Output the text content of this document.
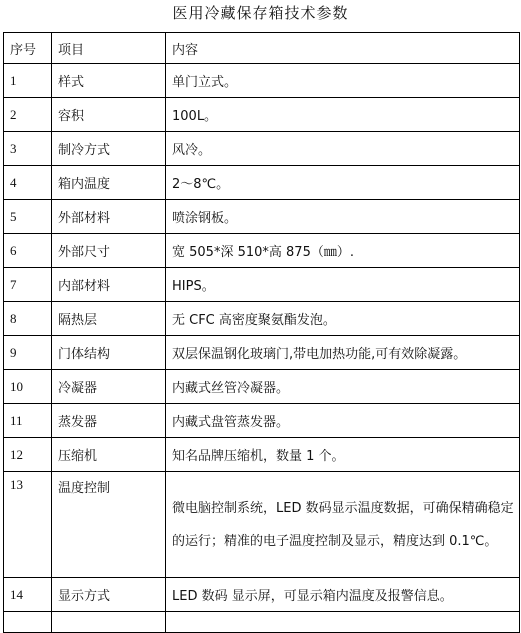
医用冷藏保存箱技术参数
序号	项目	内容
1	样式	单门立式。
2	容积	100L。
3	制冷方式	风冷。
4	箱内温度	2～8℃。
5	外部材料	喷涂钢板。
6	外部尺寸	宽 505*深 510*高 875（㎜）.
7	内部材料	HIPS。
8	隔热层	无 CFC 高密度聚氨酯发泡。
9	门体结构	双层保温钢化玻璃门,带电加热功能,可有效除凝露。
10	冷凝器	内藏式丝管冷凝器。
11	蒸发器	内藏式盘管蒸发器。
12	压缩机	知名品牌压缩机，数量 1 个。
13	温度控制	微电脑控制系统，LED 数码显示温度数据，可确保精确稳定的运行；精准的电子温度控制及显示，精度达到 0.1℃。
14	显示方式	LED 数码 显示屏，可显示箱内温度及报警信息。
